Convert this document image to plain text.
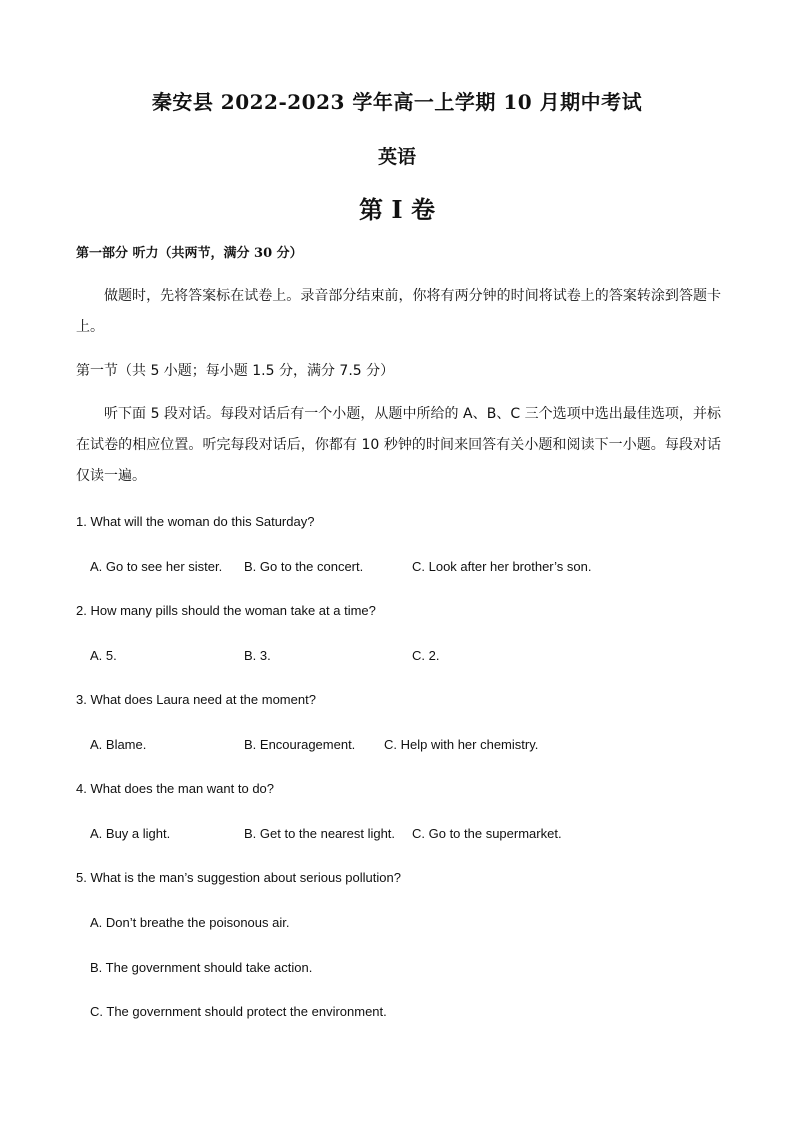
秦安县 2022-2023 学年高一上学期 10 月期中考试
英语
第 I 卷
第一部分 听力（共两节，满分 30 分）
做题时，先将答案标在试卷上。录音部分结束前，你将有两分钟的时间将试卷上的答案转涂到答题卡上。
第一节（共 5 小题；每小题 1.5 分，满分 7.5 分）
听下面 5 段对话。每段对话后有一个小题，从题中所给的 A、B、C 三个选项中选出最佳选项，并标在试卷的相应位置。听完每段对话后，你都有 10 秒钟的时间来回答有关小题和阅读下一小题。每段对话仅读一遍。
1. What will the woman do this Saturday?
A. Go to see her sister. B. Go to the concert.	C. Look after her brother’s son.
2. How many pills should the woman take at a time?
A. 5.	B. 3.	C. 2.
3. What does Laura need at the moment?
A. Blame.	B. Encouragement. C. Help with her chemistry.
4. What does the man want to do?
A. Buy a light.	B. Get to the nearest light. C. Go to the supermarket.
5. What is the man’s suggestion about serious pollution?
A. Don’t breathe the poisonous air.
B. The government should take action.
C. The government should protect the environment.
